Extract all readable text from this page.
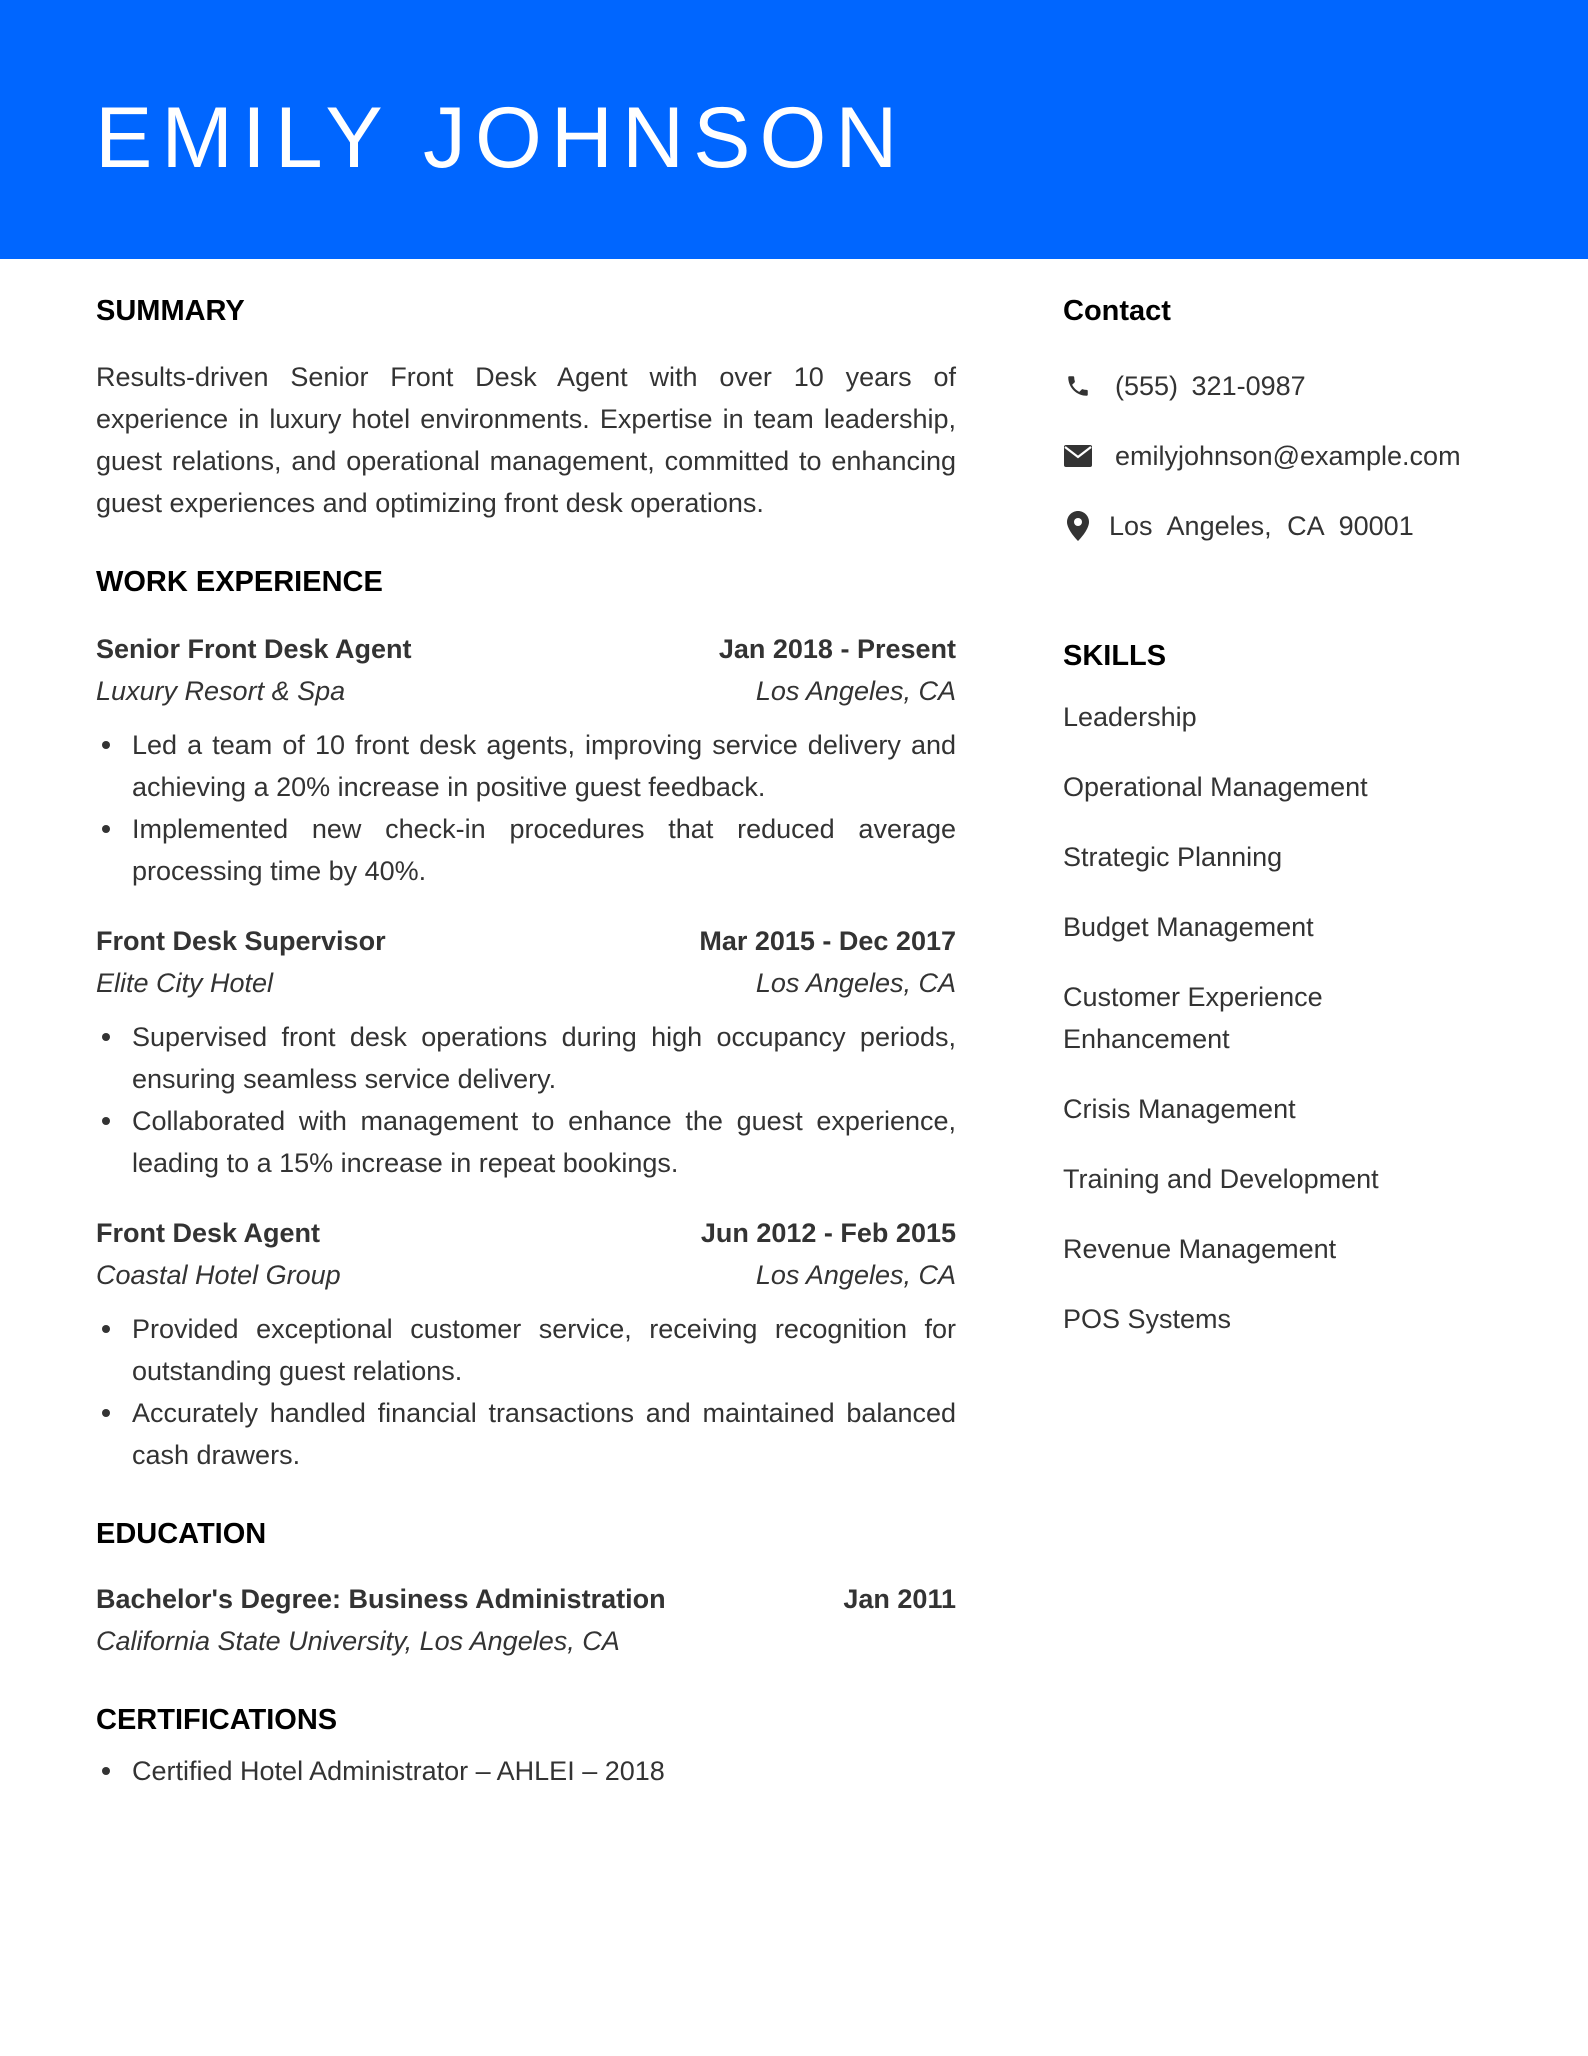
EMILY JOHNSON
SUMMARY

Results-driven Senior Front Desk Agent with over 10 years of experience in luxury hotel environments. Expertise in team leadership, guest relations, and operational management, committed to enhancing guest experiences and optimizing front desk operations.

WORK EXPERIENCE
Senior Front Desk Agent	Jan 2018 - Present
Luxury Resort & Spa	Los Angeles, CA
Led a team of 10 front desk agents, improving service delivery and achieving a 20% increase in positive guest feedback.
Implemented new check-in procedures that reduced average processing time by 40%.
Front Desk Supervisor	Mar 2015 - Dec 2017
Elite City Hotel	Los Angeles, CA
Supervised front desk operations during high occupancy periods, ensuring seamless service delivery.
Collaborated with management to enhance the guest experience, leading to a 15% increase in repeat bookings.
Front Desk Agent	Jun 2012 - Feb 2015
Coastal Hotel Group	Los Angeles, CA
Provided exceptional customer service, receiving recognition for outstanding guest relations.
Accurately handled financial transactions and maintained balanced cash drawers.
EDUCATION
Bachelor's Degree: Business Administration	Jan 2011
California State University, Los Angeles, CA
CERTIFICATIONS
Certified Hotel Administrator – AHLEI – 2018
Contact
(555) 321-0987
emilyjohnson@example.com
Los Angeles, CA 90001
SKILLS
Leadership
Operational Management
Strategic Planning
Budget Management
Customer Experience Enhancement
Crisis Management
Training and Development
Revenue Management
POS Systems
